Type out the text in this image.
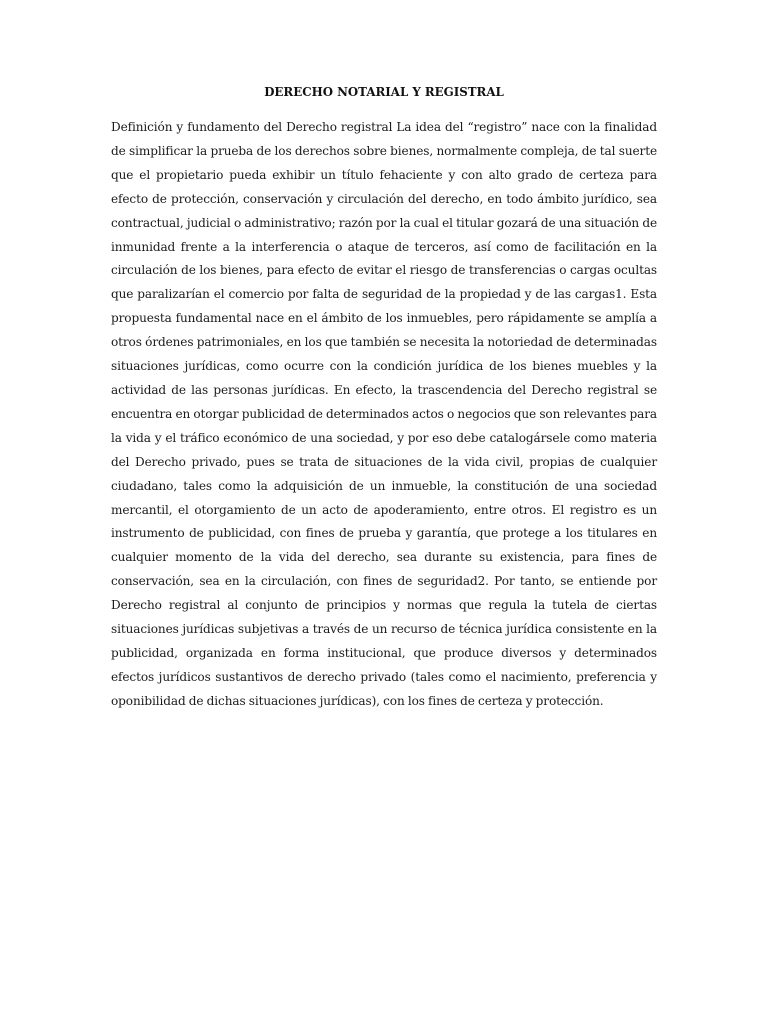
DERECHO NOTARIAL Y REGISTRAL

Definición y fundamento del Derecho registral La idea del “registro” nace con la finalidad de simplificar la prueba de los derechos sobre bienes, normalmente compleja, de tal suerte que el propietario pueda exhibir un título fehaciente y con alto grado de certeza para efecto de protección, conservación y circulación del derecho, en todo ámbito jurídico, sea contractual, judicial o administrativo; razón por la cual el titular gozará de una situación de inmunidad frente a la interferencia o ataque de terceros, así como de facilitación en la circulación de los bienes, para efecto de evitar el riesgo de transferencias o cargas ocultas que paralizarían el comercio por falta de seguridad de la propiedad y de las cargas1. Esta propuesta fundamental nace en el ámbito de los inmuebles, pero rápidamente se amplía a otros órdenes patrimoniales, en los que también se necesita la notoriedad de determinadas situaciones jurídicas, como ocurre con la condición jurídica de los bienes muebles y la actividad de las personas jurídicas. En efecto, la trascendencia del Derecho registral se encuentra en otorgar publicidad de determinados actos o negocios que son relevantes para la vida y el tráfico económico de una sociedad, y por eso debe catalogársele como materia del Derecho privado, pues se trata de situaciones de la vida civil, propias de cualquier ciudadano, tales como la adquisición de un inmueble, la constitución de una sociedad mercantil, el otorgamiento de un acto de apoderamiento, entre otros. El registro es un instrumento de publicidad, con fines de prueba y garantía, que protege a los titulares en cualquier momento de la vida del derecho, sea durante su existencia, para fines de conservación, sea en la circulación, con fines de seguridad2. Por tanto, se entiende por Derecho registral al conjunto de principios y normas que regula la tutela de ciertas situaciones jurídicas subjetivas a través de un recurso de técnica jurídica consistente en la publicidad, organizada en forma institucional, que produce diversos y determinados efectos jurídicos sustantivos de derecho privado (tales como el nacimiento, preferencia y oponibilidad de dichas situaciones jurídicas), con los fines de certeza y protección.
